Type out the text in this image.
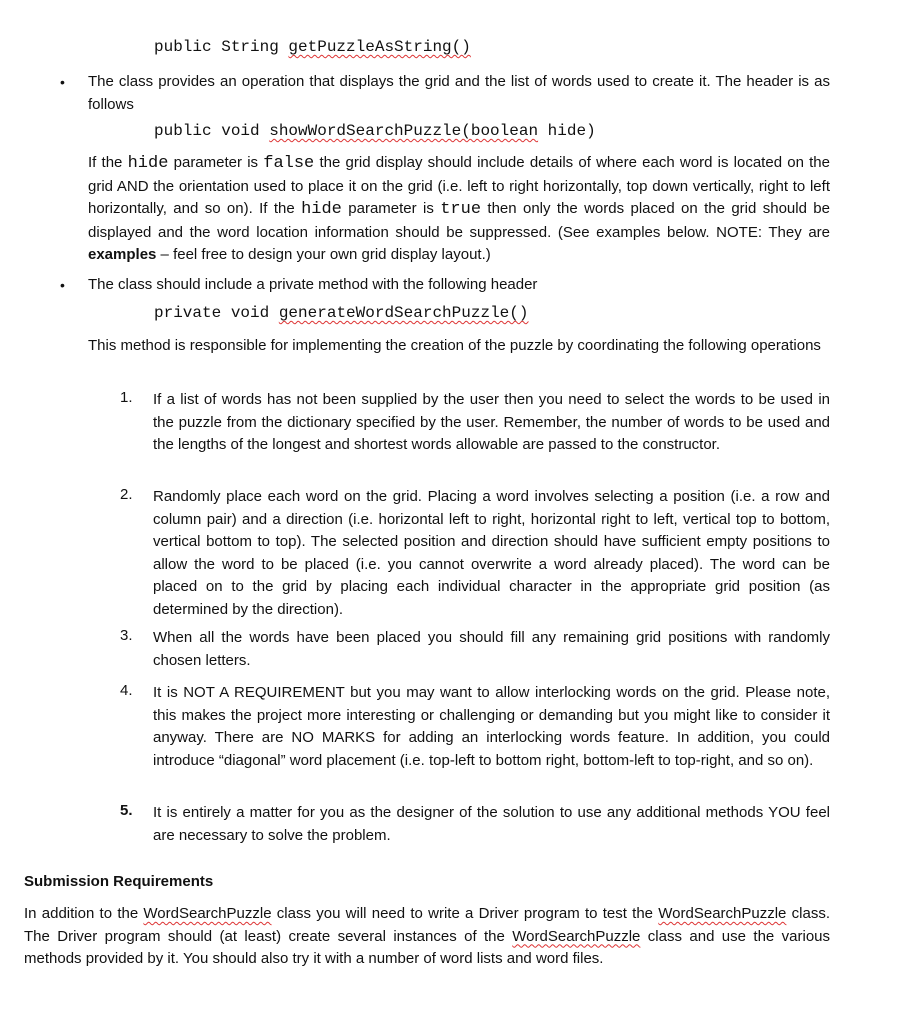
public String getPuzzleAsString()
• The class provides an operation that displays the grid and the list of words used to create it. The header is as follows
public void showWordSearchPuzzle(boolean hide)
If the hide parameter is false the grid display should include details of where each word is located on the grid AND the orientation used to place it on the grid (i.e. left to right horizontally, top down vertically, right to left horizontally, and so on). If the hide parameter is true then only the words placed on the grid should be displayed and the word location information should be suppressed. (See examples below. NOTE: They are examples – feel free to design your own grid display layout.)
• The class should include a private method with the following header
private void generateWordSearchPuzzle()
This method is responsible for implementing the creation of the puzzle by coordinating the following operations
1.	If a list of words has not been supplied by the user then you need to select the words to be used in the puzzle from the dictionary specified by the user. Remember, the number of words to be used and the lengths of the longest and shortest words allowable are passed to the constructor.
2.	Randomly place each word on the grid. Placing a word involves selecting a position (i.e. a row and column pair) and a direction (i.e. horizontal left to right, horizontal right to left, vertical top to bottom, vertical bottom to top). The selected position and direction should have sufficient empty positions to allow the word to be placed (i.e. you cannot overwrite a word already placed). The word can be placed on to the grid by placing each individual character in the appropriate grid position (as determined by the direction).
3.	When all the words have been placed you should fill any remaining grid positions with randomly chosen letters.
4.	It is NOT A REQUIREMENT but you may want to allow interlocking words on the grid. Please note, this makes the project more interesting or challenging or demanding but you might like to consider it anyway. There are NO MARKS for adding an interlocking words feature. In addition, you could introduce “diagonal” word placement (i.e. top-left to bottom right, bottom-left to top-right, and so on).
5.	It is entirely a matter for you as the designer of the solution to use any additional methods YOU feel are necessary to solve the problem.
Submission Requirements
In addition to the WordSearchPuzzle class you will need to write a Driver program to test the WordSearchPuzzle class. The Driver program should (at least) create several instances of the WordSearchPuzzle class and use the various methods provided by it. You should also try it with a number of word lists and word files.
